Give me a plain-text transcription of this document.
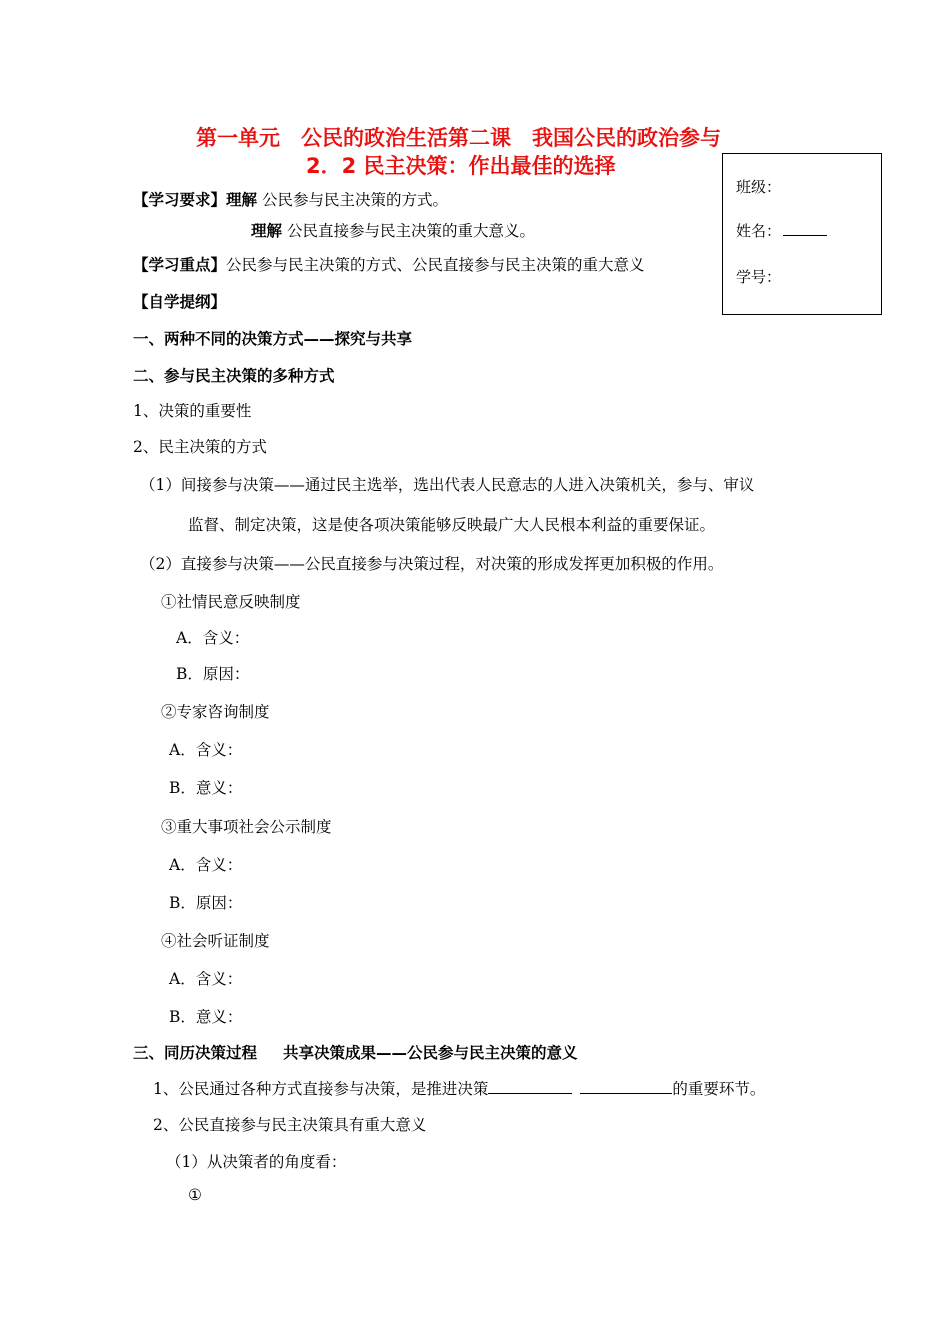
第一单元　公民的政治生活第二课　我国公民的政治参与
2．2 民主决策：作出最佳的选择
班级：
姓名：
学号：
【学习要求】理解 公民参与民主决策的方式。
理解 公民直接参与民主决策的重大意义。
【学习重点】公民参与民主决策的方式、公民直接参与民主决策的重大意义
【自学提纲】
一、两种不同的决策方式——探究与共享
二、参与民主决策的多种方式
1、决策的重要性
2、民主决策的方式
（1）间接参与决策——通过民主选举，选出代表人民意志的人进入决策机关，参与、审议
监督、制定决策，这是使各项决策能够反映最广大人民根本利益的重要保证。
（2）直接参与决策——公民直接参与决策过程，对决策的形成发挥更加积极的作用。
①社情民意反映制度
A．含义：
B．原因：
②专家咨询制度
A．含义：
B．意义：
③重大事项社会公示制度
A．含义：
B．原因：
④社会听证制度
A．含义：
B．意义：
三、同历决策过程 共享决策成果——公民参与民主决策的意义
1、公民通过各种方式直接参与决策，是推进决策	的重要环节。
2、公民直接参与民主决策具有重大意义
（1）从决策者的角度看：
①
